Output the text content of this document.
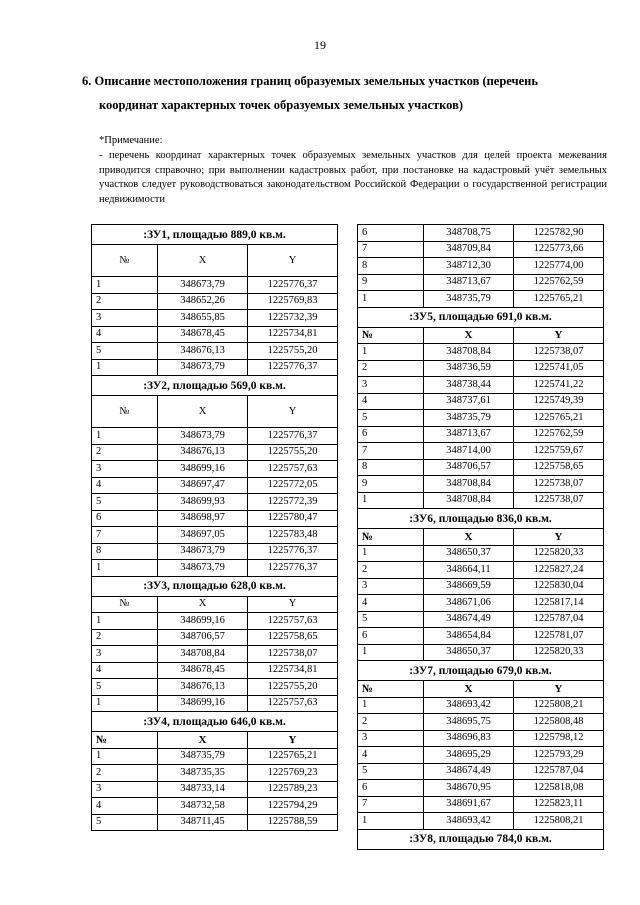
19
6. Описание местоположения границ образуемых земельных участков (перечень
координат характерных точек образуемых земельных участков)
*Примечание:
- перечень координат характерных точек образуемых земельных участков для целей проекта межевания приводится справочно; при выполнении кадастровых работ, при постановке на кадастровый учёт земельных участков следует руководствоваться законодательством Российской Федерации о государственной регистрации недвижимости
:ЗУ1, площадью 889,0 кв.м.		
№	X	Y
1	348673,79	1225776,37
2	348652,26	1225769,83
3	348655,85	1225732,39
4	348678,45	1225734,81
5	348676,13	1225755,20
1	348673,79	1225776,37
:ЗУ2, площадью 569,0 кв.м.		
№	X	Y
1	348673,79	1225776,37
2	348676,13	1225755,20
3	348699,16	1225757,63
4	348697,47	1225772,05
5	348699,93	1225772,39
6	348698,97	1225780,47
7	348697,05	1225783,48
8	348673,79	1225776,37
1	348673,79	1225776,37
:ЗУ3, площадью 628,0 кв.м.		
№	X	Y
1	348699,16	1225757,63
2	348706,57	1225758,65
3	348708,84	1225738,07
4	348678,45	1225734,81
5	348676,13	1225755,20
1	348699,16	1225757,63
:ЗУ4, площадью 646,0 кв.м.		
№	X	Y
1	348735,79	1225765,21
2	348735,35	1225769,23
3	348733,14	1225789,23
4	348732,58	1225794,29
5	348711,45	1225788,59
6	348708,75	1225782,90
7	348709,84	1225773,66
8	348712,30	1225774,00
9	348713,67	1225762,59
1	348735,79	1225765,21
:ЗУ5, площадью 691,0 кв.м.		
№	X	Y
1	348708,84	1225738,07
2	348736,59	1225741,05
3	348738,44	1225741,22
4	348737,61	1225749,39
5	348735,79	1225765,21
6	348713,67	1225762,59
7	348714,00	1225759,67
8	348706,57	1225758,65
9	348708,84	1225738,07
1	348708,84	1225738,07
:ЗУ6, площадью 836,0 кв.м.		
№	X	Y
1	348650,37	1225820,33
2	348664,11	1225827,24
3	348669,59	1225830,04
4	348671,06	1225817,14
5	348674,49	1225787,04
6	348654,84	1225781,07
1	348650,37	1225820,33
:ЗУ7, площадью 679,0 кв.м.		
№	X	Y
1	348693,42	1225808,21
2	348695,75	1225808,48
3	348696,83	1225798,12
4	348695,29	1225793,29
5	348674,49	1225787,04
6	348670,95	1225818,08
7	348691,67	1225823,11
1	348693,42	1225808,21
:ЗУ8, площадью 784,0 кв.м.		
